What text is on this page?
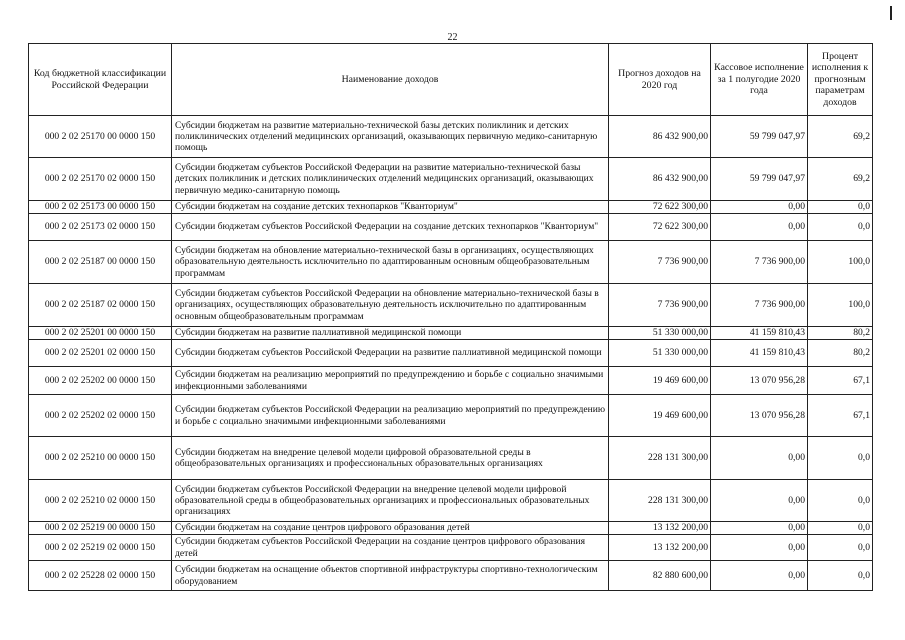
22
Код бюджетной классификации Российской Федерации	Наименование доходов	Прогноз доходов на 2020 год	Кассовое исполнение за 1 полугодие 2020 года	Процент исполнения к прогнозным параметрам доходов
000 2 02 25170 00 0000 150	Субсидии бюджетам на развитие материально-технической базы детских поликлиник и детских поликлинических отделений медицинских организаций, оказывающих первичную медико-санитарную помощь	86 432 900,00	59 799 047,97	69,2
000 2 02 25170 02 0000 150	Субсидии бюджетам субъектов Российской Федерации на развитие материально-технической базы детских поликлиник и детских поликлинических отделений медицинских организаций, оказывающих первичную медико-санитарную помощь	86 432 900,00	59 799 047,97	69,2
000 2 02 25173 00 0000 150	Субсидии бюджетам на создание детских технопарков "Кванториум"	72 622 300,00	0,00	0,0
000 2 02 25173 02 0000 150	Субсидии бюджетам субъектов Российской Федерации на создание детских технопарков "Кванториум"	72 622 300,00	0,00	0,0
000 2 02 25187 00 0000 150	Субсидии бюджетам на обновление материально-технической базы в организациях, осуществляющих образовательную деятельность исключительно по адаптированным основным общеобразовательным программам	7 736 900,00	7 736 900,00	100,0
000 2 02 25187 02 0000 150	Субсидии бюджетам субъектов Российской Федерации на обновление материально-технической базы в организациях, осуществляющих образовательную деятельность исключительно по адаптированным основным общеобразовательным программам	7 736 900,00	7 736 900,00	100,0
000 2 02 25201 00 0000 150	Субсидии бюджетам на развитие паллиативной медицинской помощи	51 330 000,00	41 159 810,43	80,2
000 2 02 25201 02 0000 150	Субсидии бюджетам субъектов Российской Федерации на развитие паллиативной медицинской помощи	51 330 000,00	41 159 810,43	80,2
000 2 02 25202 00 0000 150	Субсидии бюджетам на реализацию мероприятий по предупреждению и борьбе с социально значимыми инфекционными заболеваниями	19 469 600,00	13 070 956,28	67,1
000 2 02 25202 02 0000 150	Субсидии бюджетам субъектов Российской Федерации на реализацию мероприятий по предупреждению и борьбе с социально значимыми инфекционными заболеваниями	19 469 600,00	13 070 956,28	67,1
000 2 02 25210 00 0000 150	Субсидии бюджетам на внедрение целевой модели цифровой образовательной среды в общеобразовательных организациях и профессиональных образовательных организациях	228 131 300,00	0,00	0,0
000 2 02 25210 02 0000 150	Субсидии бюджетам субъектов Российской Федерации на внедрение целевой модели цифровой образовательной среды в общеобразовательных организациях и профессиональных образовательных организациях	228 131 300,00	0,00	0,0
000 2 02 25219 00 0000 150	Субсидии бюджетам на создание центров цифрового образования детей	13 132 200,00	0,00	0,0
000 2 02 25219 02 0000 150	Субсидии бюджетам субъектов Российской Федерации на создание центров цифрового образования детей	13 132 200,00	0,00	0,0
000 2 02 25228 02 0000 150	Субсидии бюджетам на оснащение объектов спортивной инфраструктуры спортивно-технологическим оборудованием	82 880 600,00	0,00	0,0
